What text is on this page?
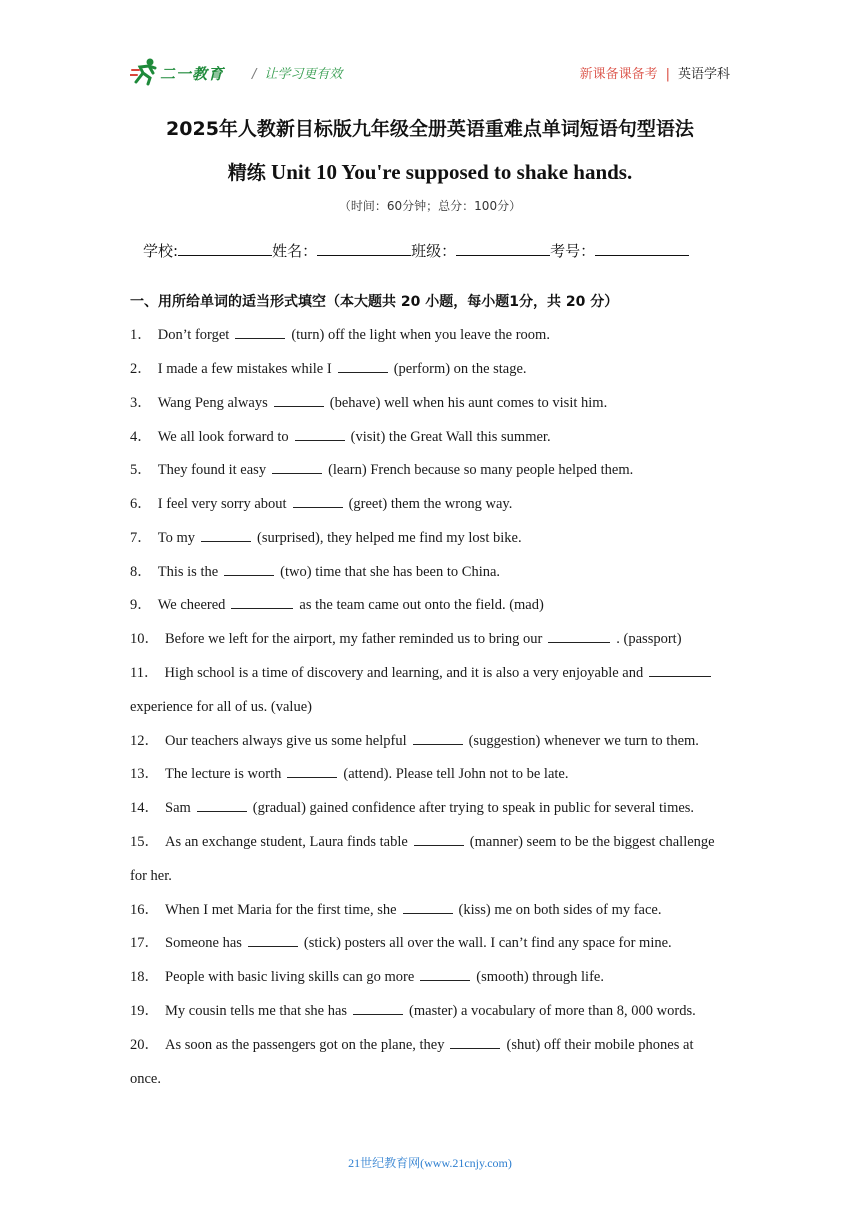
二一教育 / 让学习更有效	新课备课备考 | 英语学科
2025年人教新目标版九年级全册英语重难点单词短语句型语法
精练 Unit 10 You're supposed to shake hands.
（时间：60分钟；总分：100分）
学校:	姓名：	班级：	考号：
一、用所给单词的适当形式填空（本大题共 20 小题，每小题1分，共 20 分）
1． Don’t forget	(turn) off the light when you leave the room.
2． I made a few mistakes while I	(perform) on the stage.
3． Wang Peng always	(behave) well when his aunt comes to visit him.
4． We all look forward to	(visit) the Great Wall this summer.
5． They found it easy	(learn) French because so many people helped them.
6． I feel very sorry about	(greet) them the wrong way.
7． To my	(surprised), they helped me find my lost bike.
8． This is the	(two) time that she has been to China.
9． We cheered	as the team came out onto the field. (mad)
10． Before we left for the airport, my father reminded us to bring our	. (passport)
11． High school is a time of discovery and learning, and it is also a very enjoyable and
experience for all of us. (value)
12． Our teachers always give us some helpful	(suggestion) whenever we turn to them.
13． The lecture is worth	(attend). Please tell John not to be late.
14． Sam	(gradual) gained confidence after trying to speak in public for several times.
15． As an exchange student, Laura finds table	(manner) seem to be the biggest challenge
for her.
16． When I met Maria for the first time, she	(kiss) me on both sides of my face.
17． Someone has	(stick) posters all over the wall. I can’t find any space for mine.
18． People with basic living skills can go more	(smooth) through life.
19． My cousin tells me that she has	(master) a vocabulary of more than 8, 000 words.
20． As soon as the passengers got on the plane, they	(shut) off their mobile phones at
once.
21世纪教育网(www.21cnjy.com)
